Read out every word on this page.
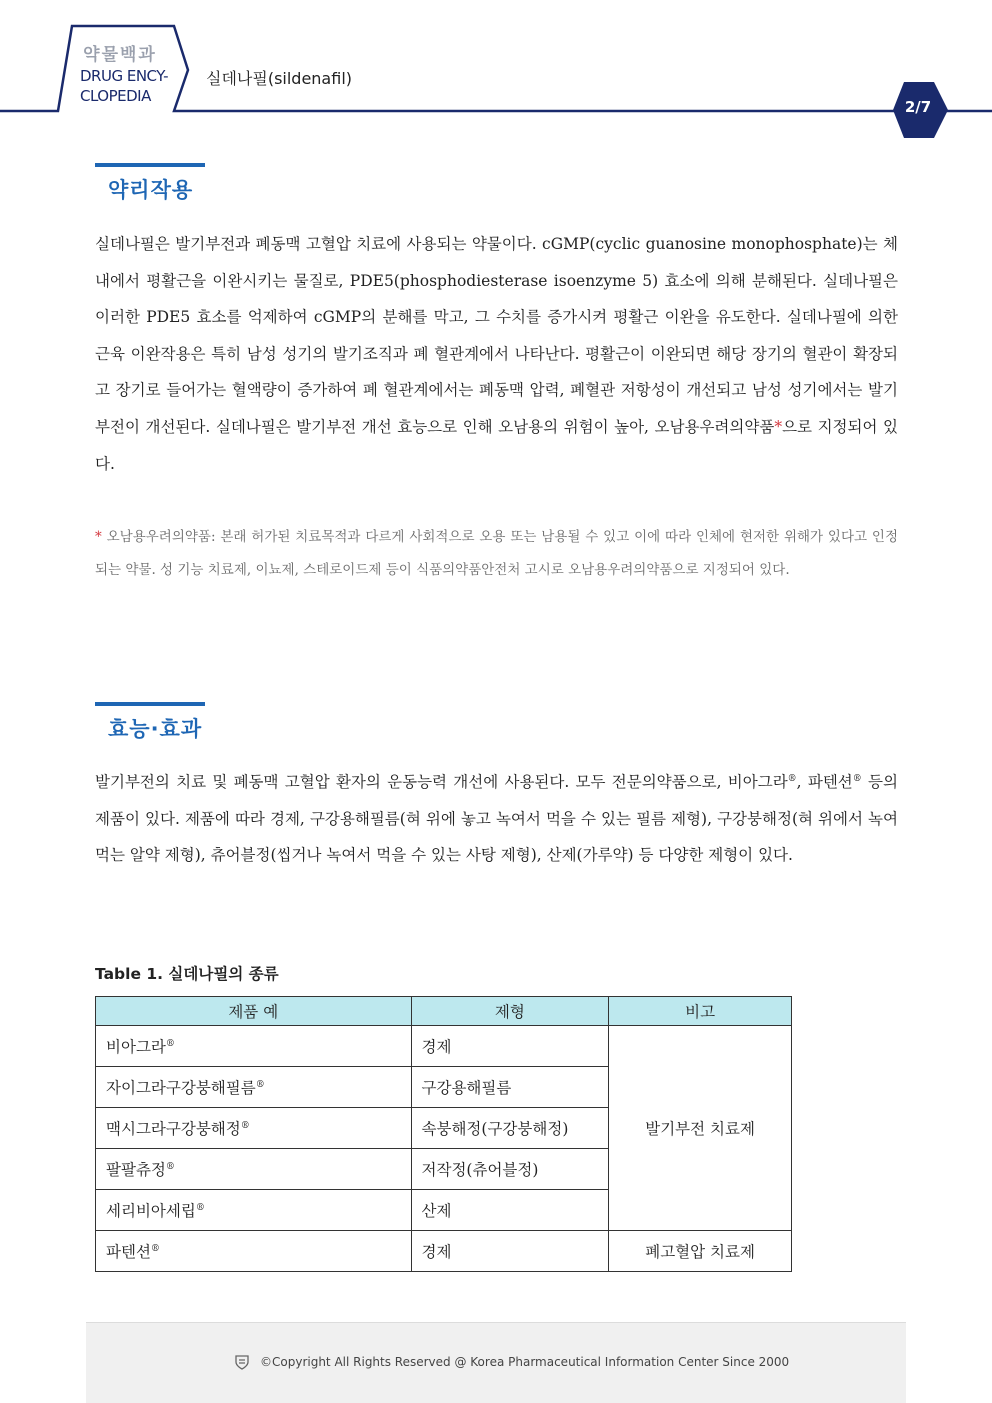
약물백과
DRUG ENCY-
CLOPEDIA
실데나필(sildenafil)
2/7
약리작용
실데나필은 발기부전과 폐동맥 고혈압 치료에 사용되는 약물이다. cGMP(cyclic guanosine monophosphate)는 체내에서 평활근을 이완시키는 물질로, PDE5(phosphodiesterase isoenzyme 5) 효소에 의해 분해된다. 실데나필은 이러한 PDE5 효소를 억제하여 cGMP의 분해를 막고, 그 수치를 증가시켜 평활근 이완을 유도한다. 실데나필에 의한 근육 이완작용은 특히 남성 성기의 발기조직과 폐 혈관계에서 나타난다. 평활근이 이완되면 해당 장기의 혈관이 확장되고 장기로 들어가는 혈액량이 증가하여 폐 혈관계에서는 폐동맥 압력, 폐혈관 저항성이 개선되고 남성 성기에서는 발기부전이 개선된다. 실데나필은 발기부전 개선 효능으로 인해 오남용의 위험이 높아, 오남용우려의약품*으로 지정되어 있다.
* 오남용우려의약품: 본래 허가된 치료목적과 다르게 사회적으로 오용 또는 남용될 수 있고 이에 따라 인체에 현저한 위해가 있다고 인정되는 약물. 성 기능 치료제, 이뇨제, 스테로이드제 등이 식품의약품안전처 고시로 오남용우려의약품으로 지정되어 있다.
효능·효과
발기부전의 치료 및 폐동맥 고혈압 환자의 운동능력 개선에 사용된다. 모두 전문의약품으로, 비아그라®, 파텐션® 등의 제품이 있다. 제품에 따라 경제, 구강용해필름(혀 위에 놓고 녹여서 먹을 수 있는 필름 제형), 구강붕해정(혀 위에서 녹여 먹는 알약 제형), 츄어블정(씹거나 녹여서 먹을 수 있는 사탕 제형), 산제(가루약) 등 다양한 제형이 있다.
Table 1. 실데나필의 종류
제품 예	제형	비고
비아그라®	경제	발기부전 치료제
자이그라구강붕해필름®	구강용해필름	
맥시그라구강붕해정®	속붕해정(구강붕해정)	
팔팔츄정®	저작정(츄어블정)	
세리비아세립®	산제	
파텐션®	경제	폐고혈압 치료제
©Copyright All Rights Reserved @ Korea Pharmaceutical Information Center Since 2000
